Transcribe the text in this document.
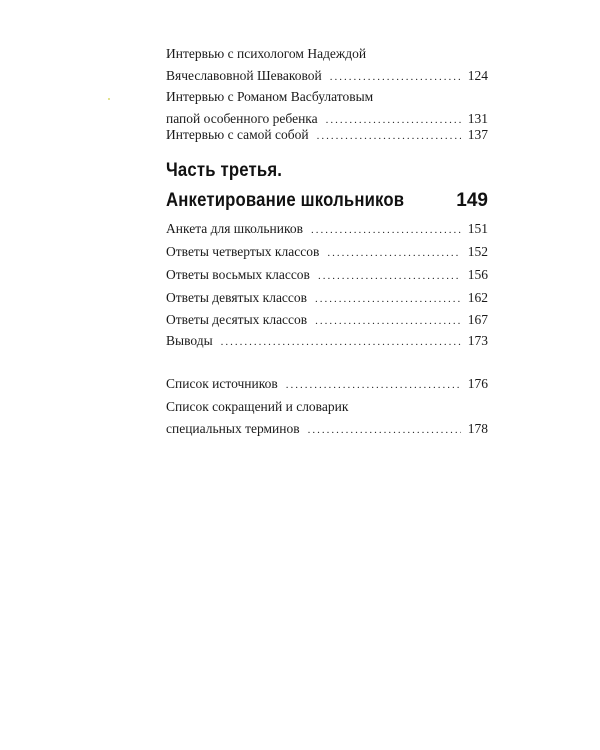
Интервью с психологом Надеждой
Вячеславовной Шеваковой .....	124
Интервью с Романом Васбулатовым
папой особенного ребенка .....	131
Интервью с самой собой .....	137
Часть третья.
Анкетирование школьников	149
Анкета для школьников .....	151
Ответы четвертых классов .....	152
Ответы восьмых классов .....	156
Ответы девятых классов .....	162
Ответы десятых классов .....	167
Выводы .....	173
Список источников .....	176
Список сокращений и словарик
специальных терминов .....	178
